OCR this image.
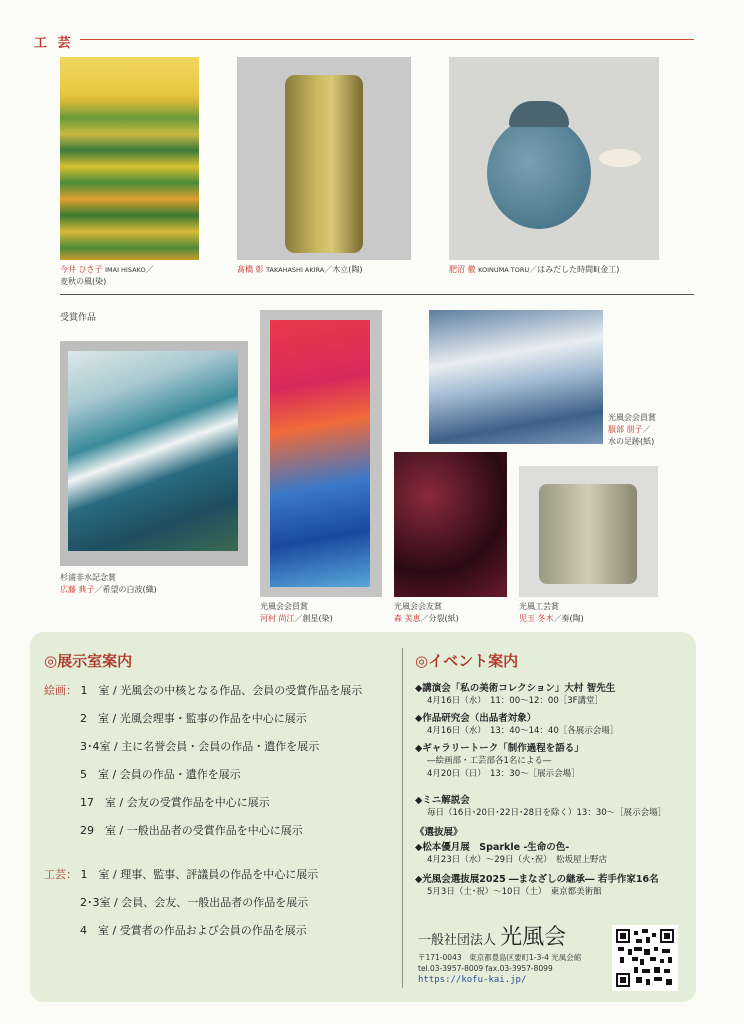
工 芸
今井 ひさ子 IMAI HISAKO／
麦秋の風(染)
髙橋 彰 TAKAHASHI AKIRA／木立(陶)	肥沼 徹 KOINUMA TORU／はみだした時間Ⅱ(金工)
受賞作品
杉浦非水記念賞
広藤 典子／希望の白波(織)
光風会会員賞
河村 尚江／創星(染)
光風会会員賞
服部 朋子／
水の足跡(紙)
光風会会友賞
森 美恵／分裂(紙)
光風工芸賞
児玉 冬木／奏(陶)
◎展示室案内
絵画： 1　室 / 光風会の中核となる作品、会員の受賞作品を展示
2　室 / 光風会理事・監事の作品を中心に展示
3･4室 / 主に名誉会員・会員の作品・遺作を展示
5　室 / 会員の作品・遺作を展示
17　室 / 会友の受賞作品を中心に展示
29　室 / 一般出品者の受賞作品を中心に展示
工芸： 1　室 / 理事、監事、評議員の作品を中心に展示
2･3室 / 会員、会友、一般出品者の作品を展示
4　室 / 受賞者の作品および会員の作品を展示
◎イベント案内
◆講演会「私の美術コレクション」大村 智先生
4月16日（水）　11：00～12：00［3F講堂］
◆作品研究会（出品者対象）
4月16日（水）　13：40～14：40［各展示会場］
◆ギャラリートーク「制作過程を語る」
―絵画部・工芸部各1名による―
4月20日（日）　13：30～［展示会場］
◆ミニ解説会
毎日（16日･20日･22日･28日を除く）13：30～［展示会場］
《選抜展》
◆松本優月展　Sparkle -生命の色-
4月23日（水）～29日（火･祝）　松坂屋上野店
◆光風会選抜展2025 ―まなざしの継承― 若手作家16名
5月3日（土･祝）～10日（土）　東京都美術館
一般社団法人 光風会
〒171-0043　東京都豊島区要町1-3-4 光風会館
tel.03-3957-8009 fax.03-3957-8099
https://kofu-kai.jp/
